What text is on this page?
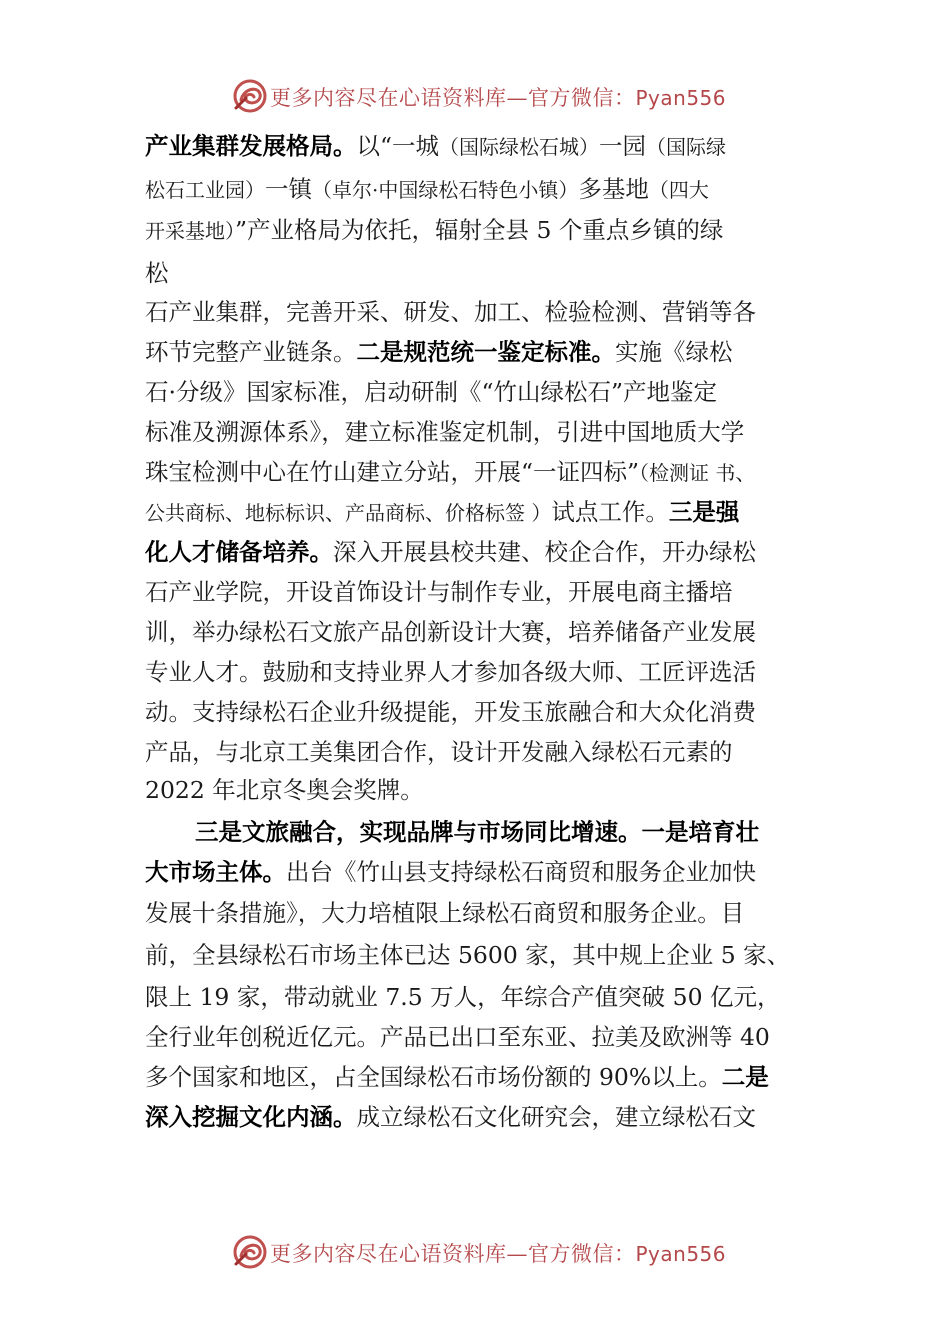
更多内容尽在心语资料库—官方微信：Pyan556
产业集群发展格局。以“一城（国际绿松石城）一园（国际绿
松石工业园）一镇（卓尔·中国绿松石特色小镇）多基地（四大
开采基地）”产业格局为依托，辐射全县 5 个重点乡镇的绿
松
石产业集群，完善开采、研发、加工、检验检测、营销等各
环节完整产业链条。二是规范统一鉴定标准。实施《绿松
石·分级》国家标准，启动研制《“竹山绿松石”产地鉴定
标准及溯源体系》，建立标准鉴定机制，引进中国地质大学
珠宝检测中心在竹山建立分站，开展“一证四标”（检测证 书、
公共商标、地标标识、产品商标、价格标签 ）试点工作。三是强
化人才储备培养。深入开展县校共建、校企合作，开办绿松
石产业学院，开设首饰设计与制作专业，开展电商主播培
训，举办绿松石文旅产品创新设计大赛，培养储备产业发展
专业人才。鼓励和支持业界人才参加各级大师、工匠评选活
动。支持绿松石企业升级提能，开发玉旅融合和大众化消费
产品，与北京工美集团合作，设计开发融入绿松石元素的
2022 年北京冬奥会奖牌。
三是文旅融合，实现品牌与市场同比增速。一是培育壮
大市场主体。出台《竹山县支持绿松石商贸和服务企业加快
发展十条措施》，大力培植限上绿松石商贸和服务企业。目
前，全县绿松石市场主体已达 5600 家，其中规上企业 5 家、
限上 19 家，带动就业 7.5 万人，年综合产值突破 50 亿元，
全行业年创税近亿元。产品已出口至东亚、拉美及欧洲等 40
多个国家和地区，占全国绿松石市场份额的 90%以上。二是
深入挖掘文化内涵。成立绿松石文化研究会，建立绿松石文
更多内容尽在心语资料库—官方微信：Pyan556
